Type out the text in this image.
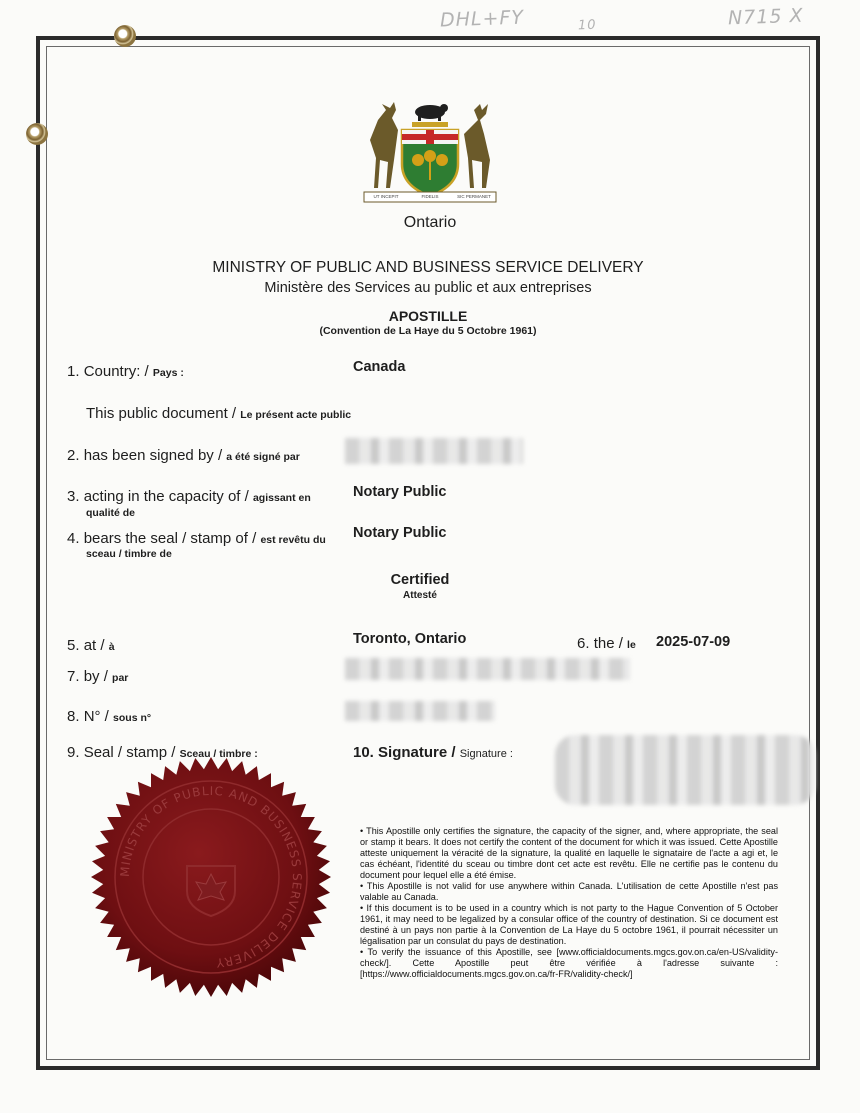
DHL+FY	10	N715 X
UT INCEPIT	FIDELIS	SIC PERMANET
Ontario
MINISTRY OF PUBLIC AND BUSINESS SERVICE DELIVERY
Ministère des Services au public et aux entreprises
APOSTILLE
(Convention de La Haye du 5 Octobre 1961)
1. Country: / Pays :	Canada
This public document / Le présent acte public
2. has been signed by / a été signé par
3. acting in the capacity of / agissant en
qualité de
Notary Public
4. bears the seal / stamp of / est revêtu du
sceau / timbre de
Notary Public
Certified
Attesté
5. at / à	Toronto, Ontario	6. the / le 2025-07-09
7. by / par
8. N° / sous n°
9. Seal / stamp / Sceau / timbre :	10. Signature / Signature :
MINISTRY OF PUBLIC AND BUSINESS SERVICE DELIVERY

• This Apostille only certifies the signature, the capacity of the signer, and, where appropriate, the seal or stamp it bears. It does not certify the content of the document for which it was issued. Cette Apostille atteste uniquement la véracité de la signature, la qualité en laquelle le signataire de l'acte a agi et, le cas échéant, l'identité du sceau ou timbre dont cet acte est revêtu. Elle ne certifie pas le contenu du document pour lequel elle a été émise.

• This Apostille is not valid for use anywhere within Canada. L'utilisation de cette Apostille n'est pas valable au Canada.

• If this document is to be used in a country which is not party to the Hague Convention of 5 October 1961, it may need to be legalized by a consular office of the country of destination. Si ce document est destiné à un pays non partie à la Convention de La Haye du 5 octobre 1961, il pourrait nécessiter un légalisation par un consulat du pays de destination.

• To verify the issuance of this Apostille, see [www.officialdocuments.mgcs.gov.on.ca/en-US/validity-check/]. Cette Apostille peut être vérifiée à l'adresse suivante : [https://www.officialdocuments.mgcs.gov.on.ca/fr-FR/validity-check/]
